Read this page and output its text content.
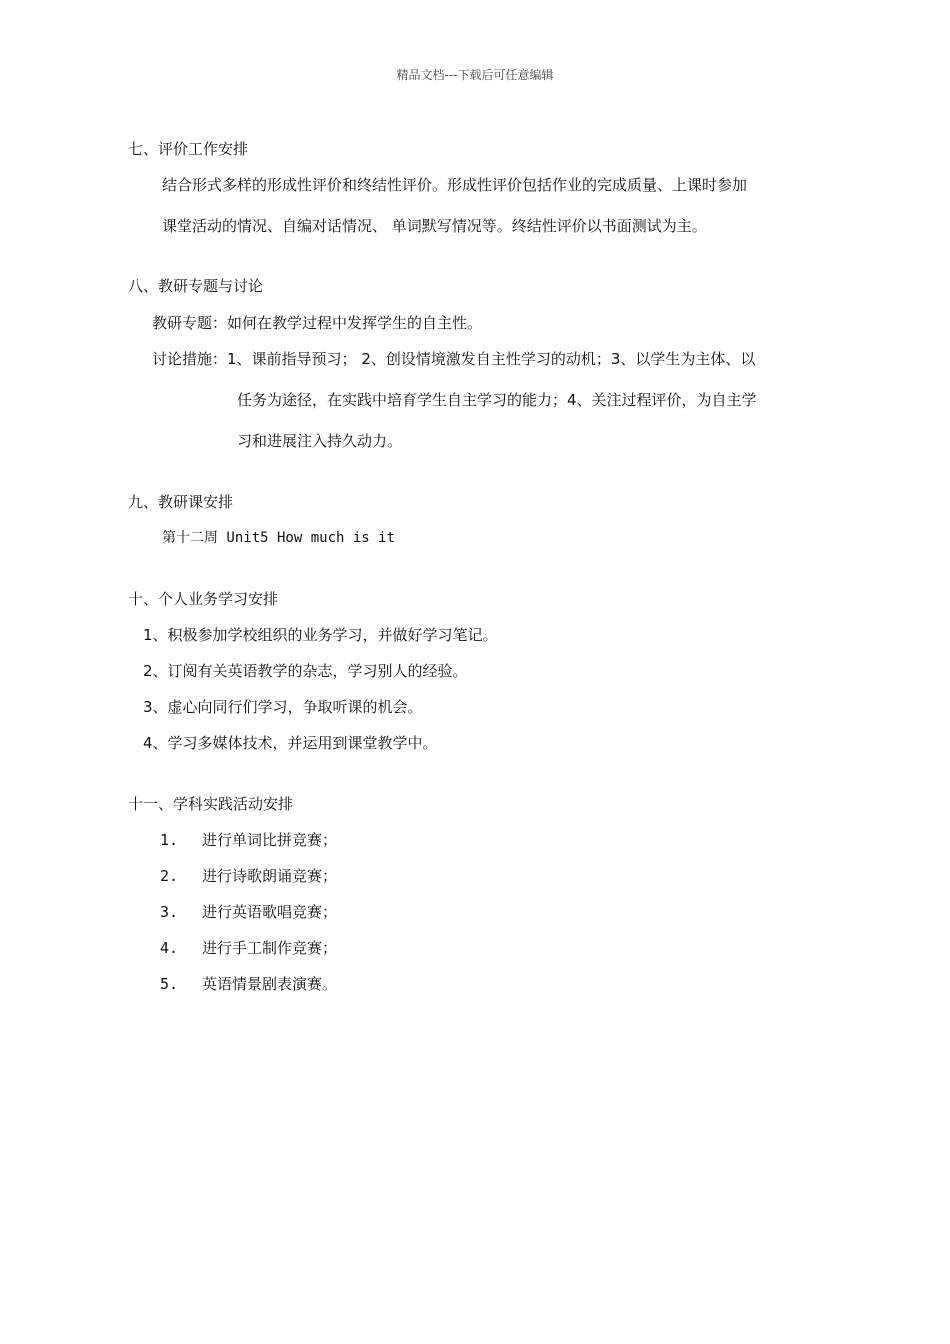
精品文档---下载后可任意编辑
七、评价工作安排
结合形式多样的形成性评价和终结性评价。形成性评价包括作业的完成质量、上课时参加
课堂活动的情况、自编对话情况、 单词默写情况等。终结性评价以书面测试为主。
八、教研专题与讨论
教研专题：如何在教学过程中发挥学生的自主性。
讨论措施：1、课前指导预习； 2、创设情境激发自主性学习的动机；3、以学生为主体、以
任务为途径，在实践中培育学生自主学习的能力；4、关注过程评价，为自主学
习和进展注入持久动力。
九、教研课安排
第十二周 Unit5 How much is it
十、个人业务学习安排
1、积极参加学校组织的业务学习，并做好学习笔记。
2、订阅有关英语教学的杂志，学习别人的经验。
3、虚心向同行们学习，争取听课的机会。
4、学习多媒体技术，并运用到课堂教学中。
十一、学科实践活动安排
1. 进行单词比拼竞赛；
2. 进行诗歌朗诵竞赛；
3. 进行英语歌唱竞赛；
4. 进行手工制作竞赛；
5. 英语情景剧表演赛。
